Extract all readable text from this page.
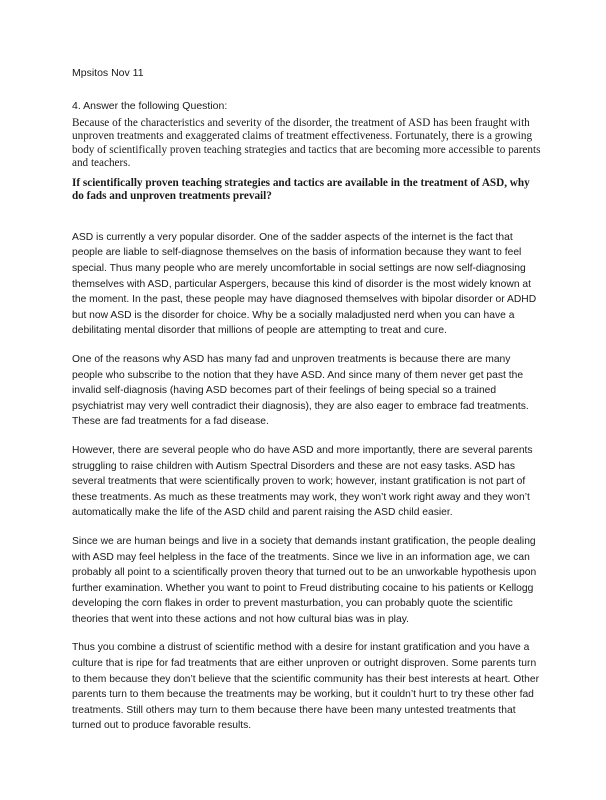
Mpsitos Nov 11
4. Answer the following Question:
Because of the characteristics and severity of the disorder, the treatment of ASD has been fraught with unproven treatments and exaggerated claims of treatment effectiveness. Fortunately, there is a growing body of scientifically proven teaching strategies and tactics that are becoming more accessible to parents and teachers.
If scientifically proven teaching strategies and tactics are available in the treatment of ASD, why do fads and unproven treatments prevail?
ASD is currently a very popular disorder. One of the sadder aspects of the internet is the fact that people are liable to self-diagnose themselves on the basis of information because they want to feel special. Thus many people who are merely uncomfortable in social settings are now self-diagnosing themselves with ASD, particular Aspergers, because this kind of disorder is the most widely known at the moment. In the past, these people may have diagnosed themselves with bipolar disorder or ADHD but now ASD is the disorder for choice. Why be a socially maladjusted nerd when you can have a debilitating mental disorder that millions of people are attempting to treat and cure.
One of the reasons why ASD has many fad and unproven treatments is because there are many people who subscribe to the notion that they have ASD. And since many of them never get past the invalid self-diagnosis (having ASD becomes part of their feelings of being special so a trained psychiatrist may very well contradict their diagnosis), they are also eager to embrace fad treatments. These are fad treatments for a fad disease.
However, there are several people who do have ASD and more importantly, there are several parents struggling to raise children with Autism Spectral Disorders and these are not easy tasks. ASD has several treatments that were scientifically proven to work; however, instant gratification is not part of these treatments. As much as these treatments may work, they won’t work right away and they won’t automatically make the life of the ASD child and parent raising the ASD child easier.
Since we are human beings and live in a society that demands instant gratification, the people dealing with ASD may feel helpless in the face of the treatments. Since we live in an information age, we can probably all point to a scientifically proven theory that turned out to be an unworkable hypothesis upon further examination. Whether you want to point to Freud distributing cocaine to his patients or Kellogg developing the corn flakes in order to prevent masturbation, you can probably quote the scientific theories that went into these actions and not how cultural bias was in play.
Thus you combine a distrust of scientific method with a desire for instant gratification and you have a culture that is ripe for fad treatments that are either unproven or outright disproven. Some parents turn to them because they don’t believe that the scientific community has their best interests at heart. Other parents turn to them because the treatments may be working, but it couldn’t hurt to try these other fad treatments. Still others may turn to them because there have been many untested treatments that turned out to produce favorable results.
